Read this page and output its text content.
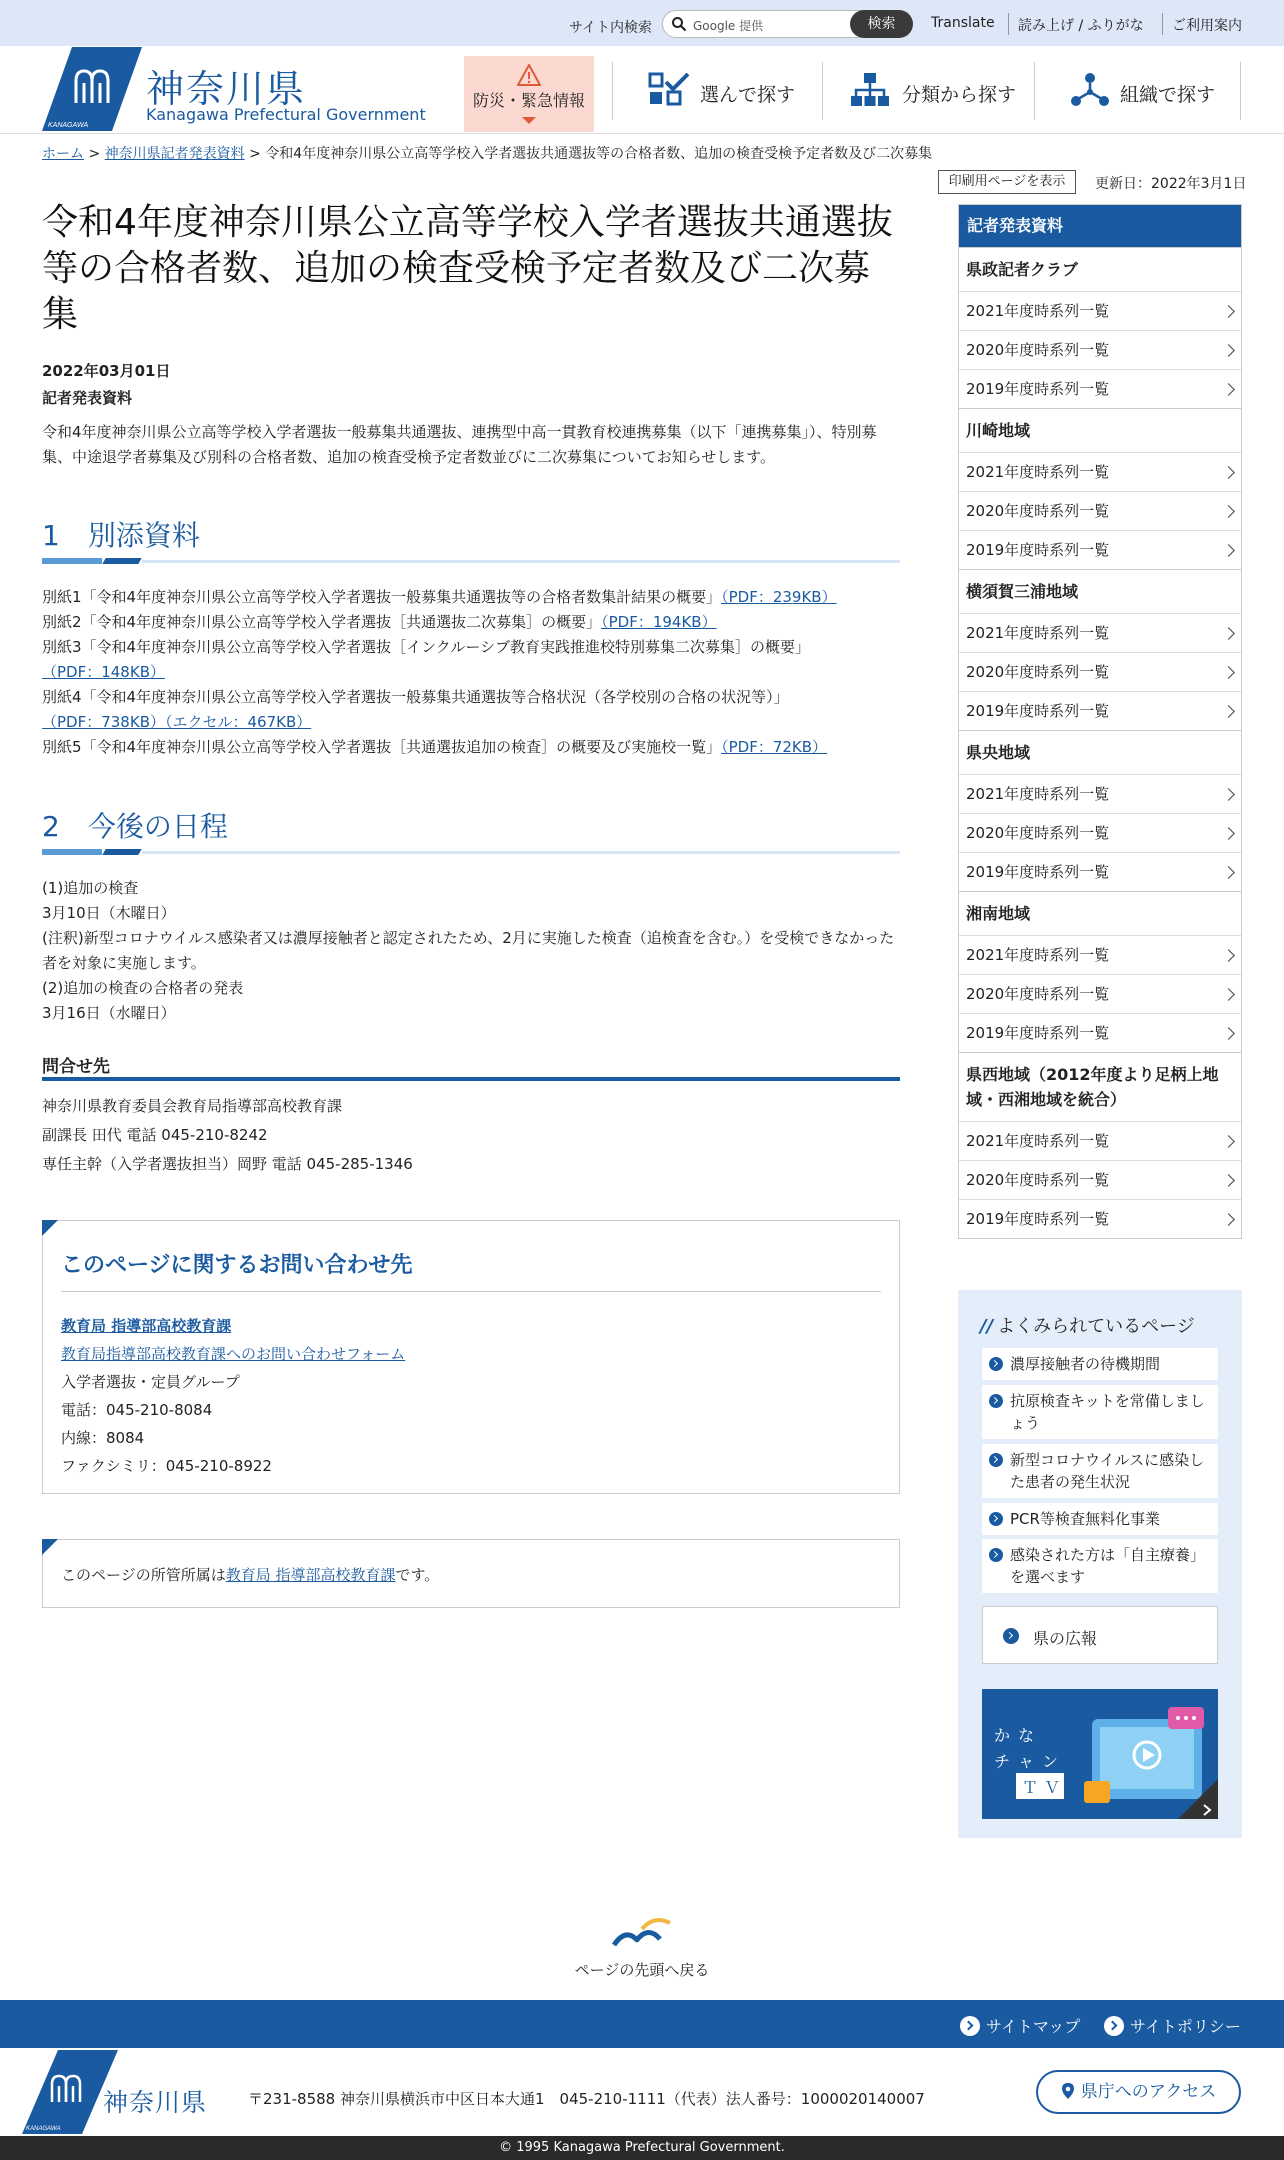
サイト内検索	Google 提供	検索	Translate 読み上げ / ふりがな ご利用案内
KANAGAWA
神奈川県
Kanagawa Prefectural Government
防災・緊急情報	選んで探す	分類から探す	組織で探す
ホーム > 神奈川県記者発表資料 > 令和4年度神奈川県公立高等学校入学者選抜共通選抜等の合格者数、追加の検査受検予定者数及び二次募集
印刷用ページを表示	更新日：2022年3月1日
令和4年度神奈川県公立高等学校入学者選抜共通選抜等の合格者数、追加の検査受検予定者数及び二次募集
2022年03月01日
記者発表資料
令和4年度神奈川県公立高等学校入学者選抜一般募集共通選抜、連携型中高一貫教育校連携募集（以下「連携募集」）、特別募集、中途退学者募集及び別科の合格者数、追加の検査受検予定者数並びに二次募集についてお知らせします。
1　別添資料
別紙1「令和4年度神奈川県公立高等学校入学者選抜一般募集共通選抜等の合格者数集計結果の概要」（PDF：239KB）
別紙2「令和4年度神奈川県公立高等学校入学者選抜［共通選抜二次募集］の概要」（PDF：194KB）
別紙3「令和4年度神奈川県公立高等学校入学者選抜［インクルーシブ教育実践推進校特別募集二次募集］の概要」
（PDF：148KB）
別紙4「令和4年度神奈川県公立高等学校入学者選抜一般募集共通選抜等合格状況（各学校別の合格の状況等）」
（PDF：738KB）（エクセル：467KB）
別紙5「令和4年度神奈川県公立高等学校入学者選抜［共通選抜追加の検査］の概要及び実施校一覧」（PDF：72KB）
2　今後の日程
(1)追加の検査
3月10日（木曜日）
(注釈)新型コロナウイルス感染者又は濃厚接触者と認定されたため、2月に実施した検査（追検査を含む。）を受検できなかった者を対象に実施します。
(2)追加の検査の合格者の発表
3月16日（水曜日）
問合せ先
神奈川県教育委員会教育局指導部高校教育課
副課長 田代 電話 045-210-8242
専任主幹（入学者選抜担当）岡野 電話 045-285-1346
このページに関するお問い合わせ先
教育局 指導部高校教育課
教育局指導部高校教育課へのお問い合わせフォーム
入学者選抜・定員グループ
電話：045-210-8084
内線：8084
ファクシミリ：045-210-8922
このページの所管所属は教育局 指導部高校教育課です。
記者発表資料
県政記者クラブ
2021年度時系列一覧
2020年度時系列一覧
2019年度時系列一覧
川崎地域
2021年度時系列一覧
2020年度時系列一覧
2019年度時系列一覧
横須賀三浦地域
2021年度時系列一覧
2020年度時系列一覧
2019年度時系列一覧
県央地域
2021年度時系列一覧
2020年度時系列一覧
2019年度時系列一覧
湘南地域
2021年度時系列一覧
2020年度時系列一覧
2019年度時系列一覧
県西地域（2012年度より足柄上地域・西湘地域を統合）
2021年度時系列一覧
2020年度時系列一覧
2019年度時系列一覧
// よくみられているページ
濃厚接触者の待機期間
抗原検査キットを常備しましょう
新型コロナウイルスに感染した患者の発生状況
PCR等検査無料化事業
感染された方は「自主療養」を選べます
県の広報
か な
チ ャ ン
Ｔ Ｖ
ページの先頭へ戻る
サイトマップ	サイトポリシー
KANAGAWA
神奈川県	〒231-8588 神奈川県横浜市中区日本大通1　045-210-1111（代表）法人番号：1000020140007	県庁へのアクセス
© 1995 Kanagawa Prefectural Government.
